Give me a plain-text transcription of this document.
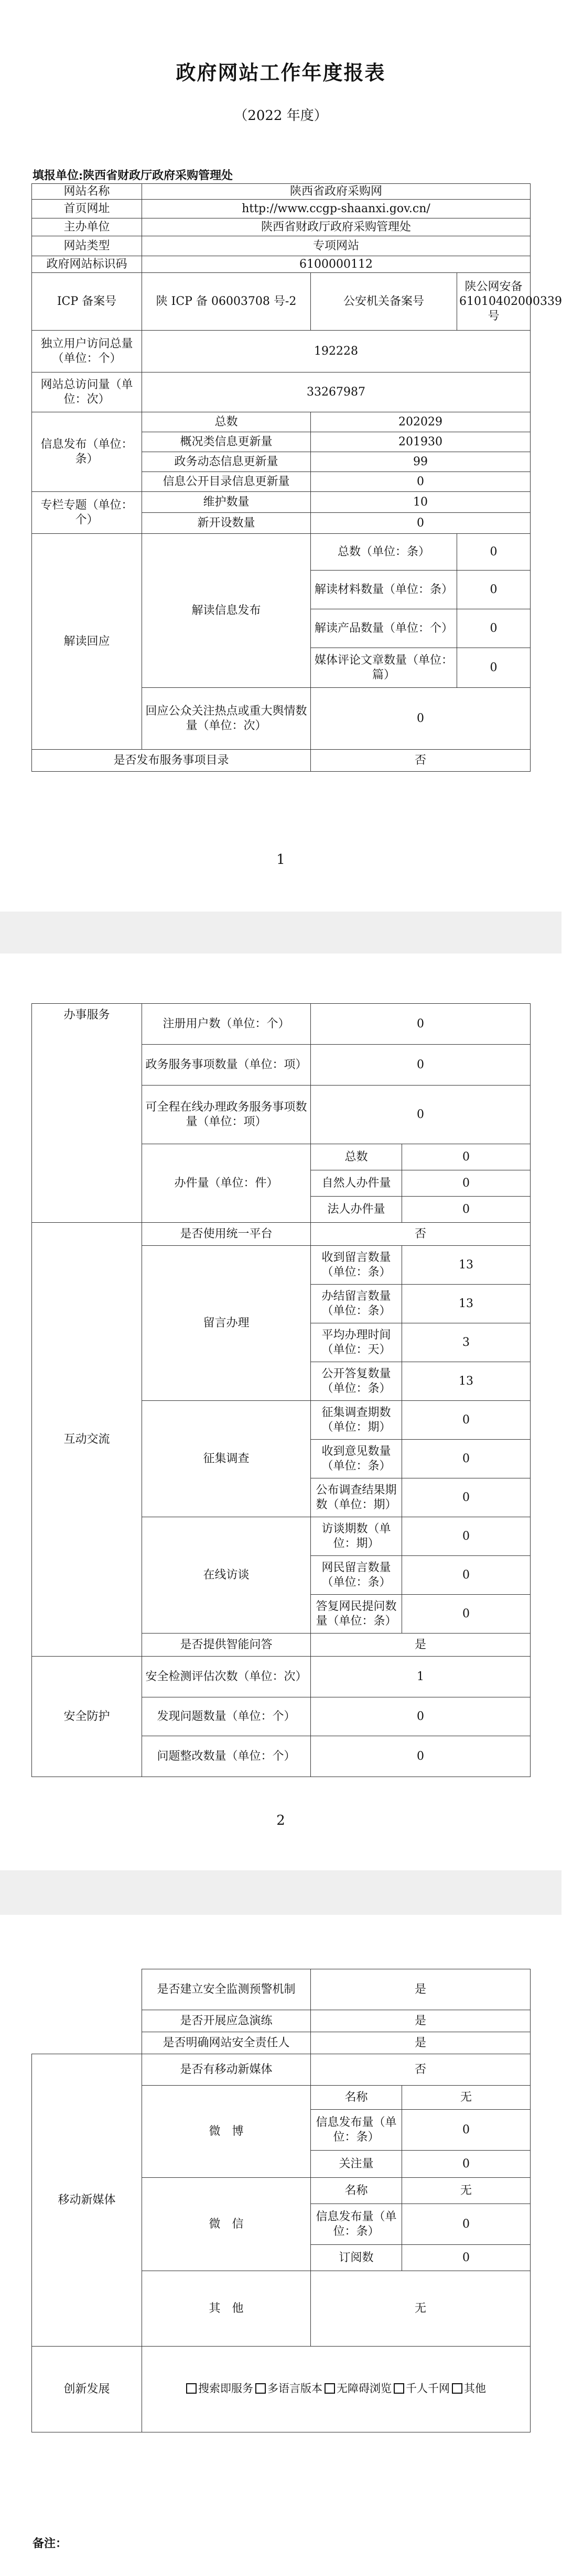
政府网站工作年度报表
（2022 年度）
填报单位:陕西省财政厅政府采购管理处
网站名称	陕西省政府采购网		
首页网址	http://www.ccgp-shaanxi.gov.cn/		
主办单位	陕西省财政厅政府采购管理处		
网站类型	专项网站		
政府网站标识码	6100000112		
ICP 备案号	陕 ICP 备 06003708 号-2	公安机关备案号	陕公网安备 61010402000339 号
独立用户访问总量（单位：个）	192228		
网站总访问量（单位：次）	33267987		
信息发布（单位：条）	总数	202029	
	概况类信息更新量	201930	
	政务动态信息更新量	99	
	信息公开目录信息更新量	0	
专栏专题（单位：个）	维护数量	10	
	新开设数量	0	
解读回应	解读信息发布	总数（单位：条）	0
		解读材料数量（单位：条）	0
		解读产品数量（单位：个）	0
		媒体评论文章数量（单位：篇）	0
	回应公众关注热点或重大舆情数量（单位：次）	0	
是否发布服务事项目录		否	
1
办事服务	注册用户数（单位：个）	0	
	政务服务事项数量（单位：项）	0	
	可全程在线办理政务服务事项数量（单位：项）	0	
	办件量（单位：件）	总数	0
		自然人办件量	0
		法人办件量	0
互动交流	是否使用统一平台	否	
	留言办理	收到留言数量（单位：条）	13
		办结留言数量（单位：条）	13
		平均办理时间（单位：天）	3
		公开答复数量（单位：条）	13
	征集调查	征集调查期数（单位：期）	0
		收到意见数量（单位：条）	0
		公布调查结果期数（单位：期）	0
	在线访谈	访谈期数（单位：期）	0
		网民留言数量（单位：条）	0
		答复网民提问数量（单位：条）	0
	是否提供智能问答	是	
安全防护	安全检测评估次数（单位：次）	1	
	发现问题数量（单位：个）	0	
	问题整改数量（单位：个）	0	
2
	是否建立安全监测预警机制	是	
	是否开展应急演练	是	
	是否明确网站安全责任人	是	
移动新媒体	是否有移动新媒体	否	
	微　博	名称	无
		信息发布量（单位：条）	0
		关注量	0
	微　信	名称	无
		信息发布量（单位：条）	0
		订阅数	0
	其　他	无	
创新发展	搜索即服务 多语言版本 无障碍浏览 千人千网 其他		
备注：
